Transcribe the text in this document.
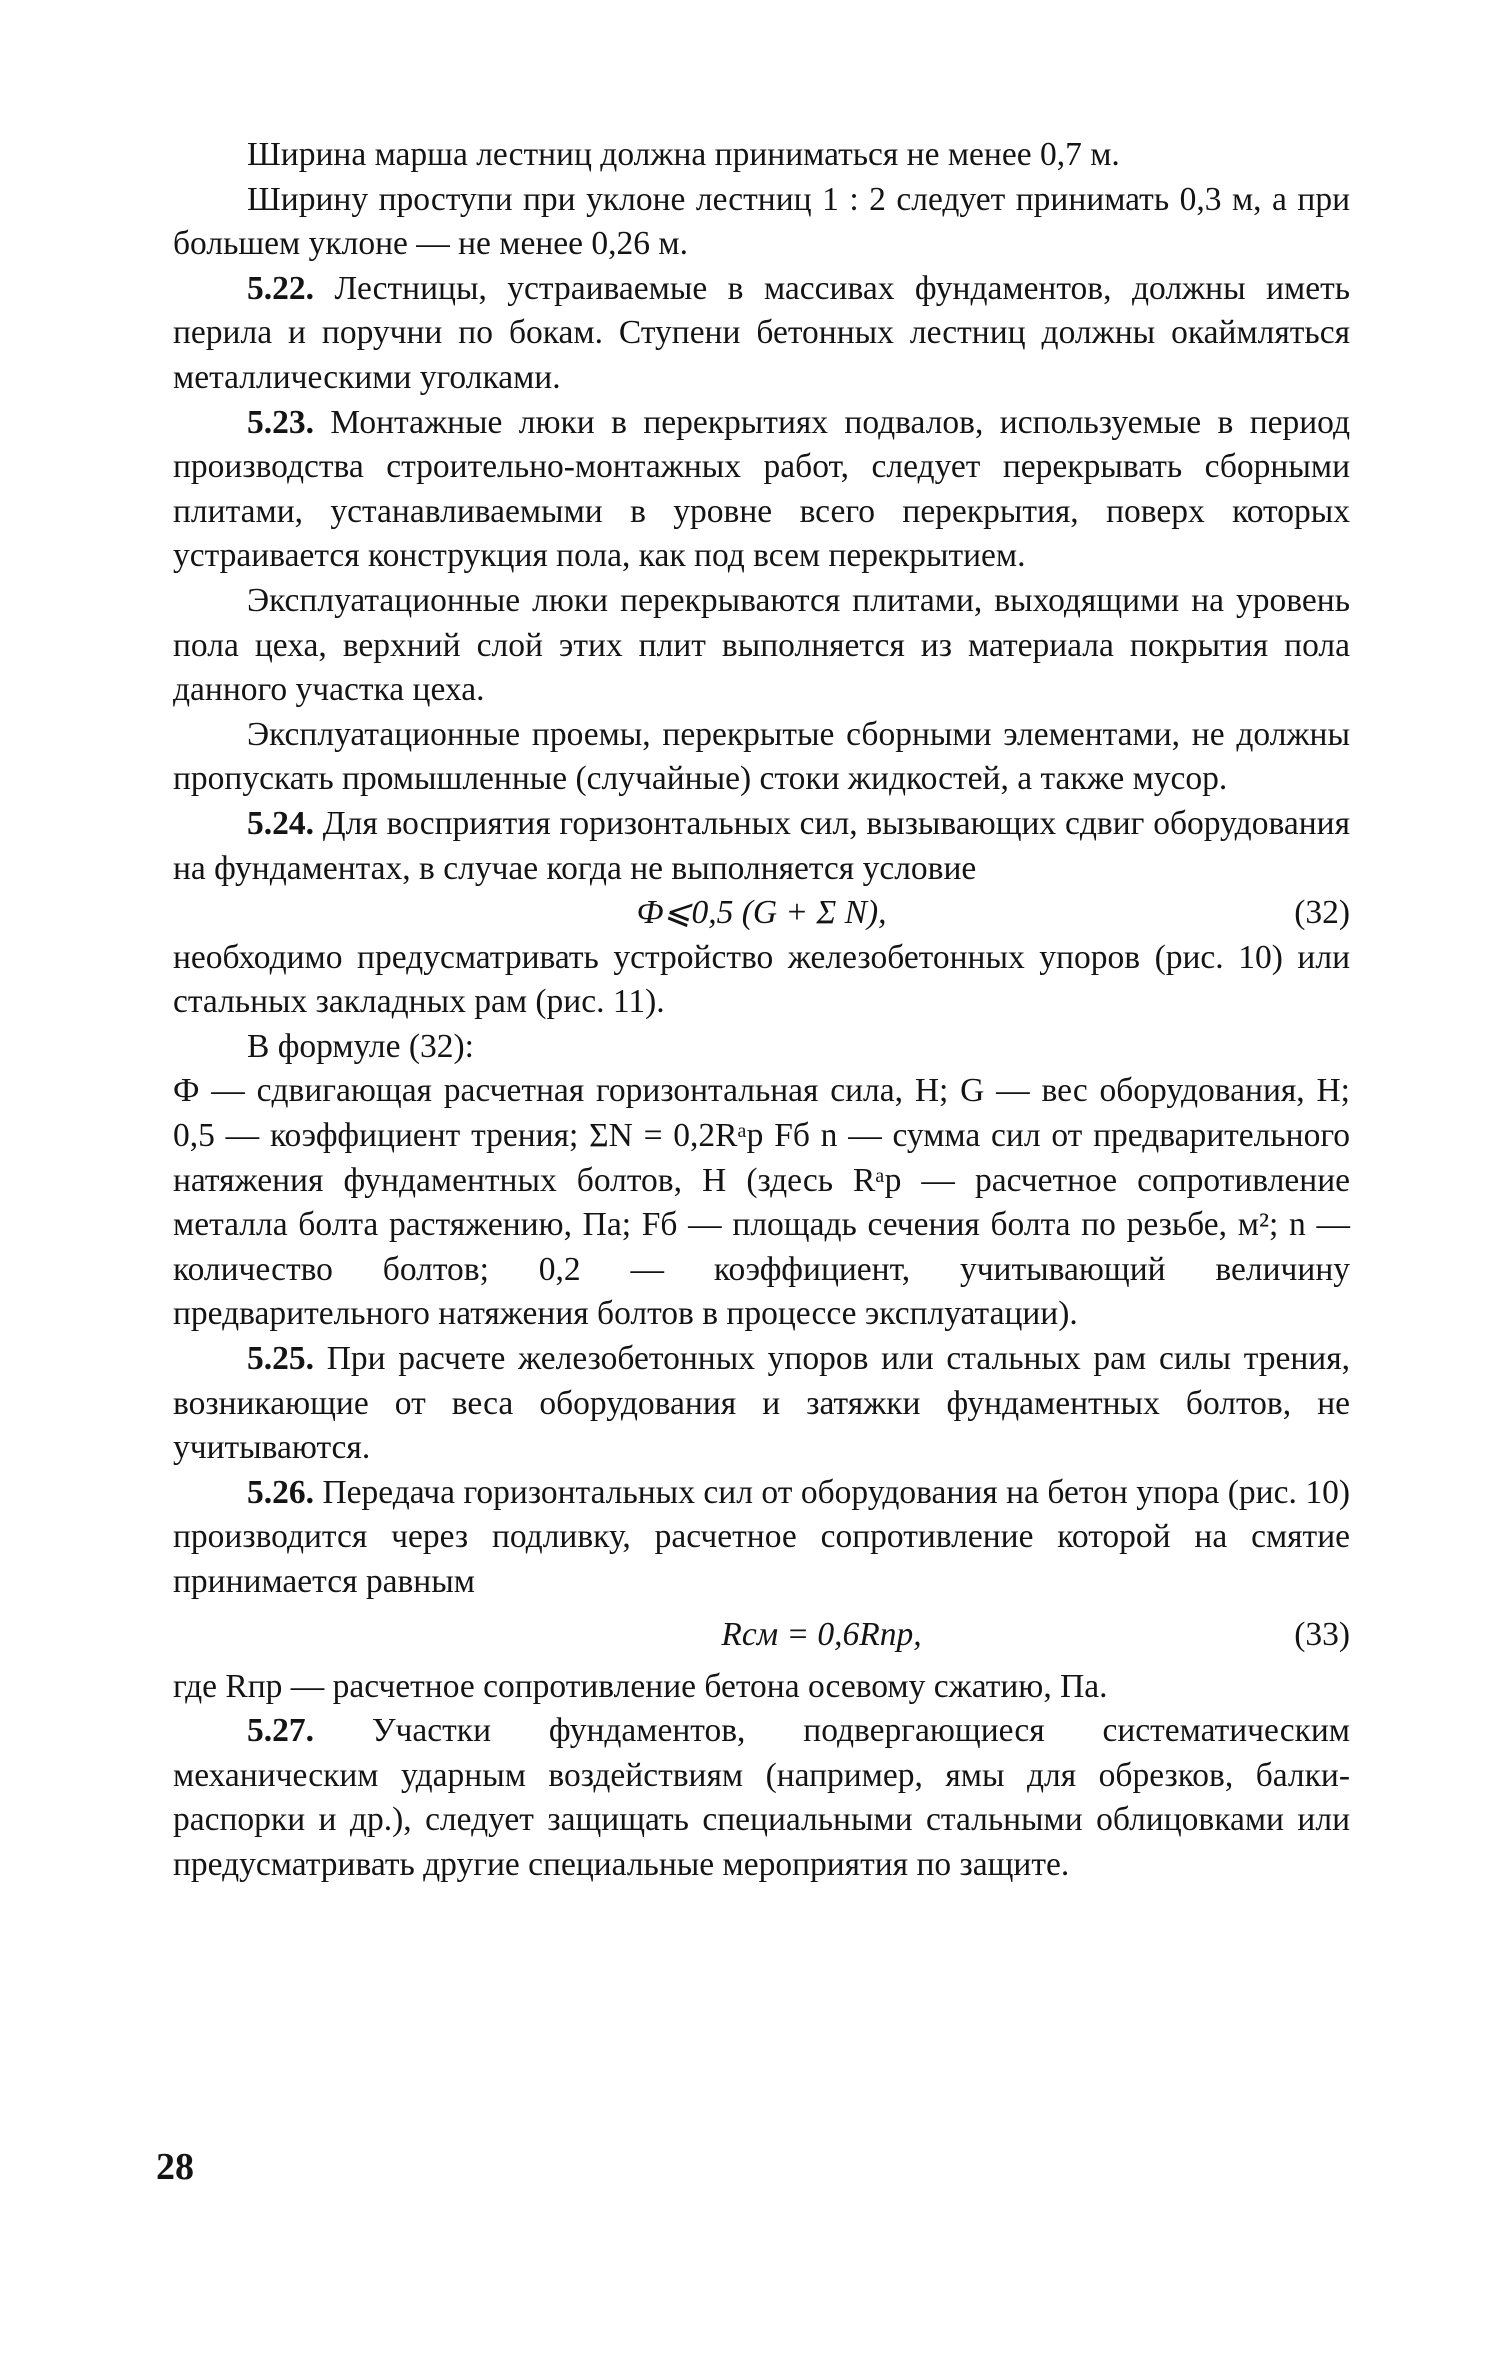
Ширина марша лестниц должна приниматься не менее 0,7 м.

Ширину проступи при уклоне лестниц 1 : 2 следует принимать 0,3 м, а при большем уклоне — не менее 0,26 м.

5.22. Лестницы, устраиваемые в массивах фундаментов, должны иметь перила и поручни по бокам. Ступени бетонных лестниц должны окаймляться металлическими уголками.

5.23. Монтажные люки в перекрытиях подвалов, используемые в период производства строительно-монтажных работ, следует перекрывать сборными плитами, устанавливаемыми в уровне всего перекрытия, поверх которых устраивается конструкция пола, как под всем перекрытием.

Эксплуатационные люки перекрываются плитами, выходящими на уровень пола цеха, верхний слой этих плит выполняется из материала покрытия пола данного участка цеха.

Эксплуатационные проемы, перекрытые сборными элементами, не должны пропускать промышленные (случайные) стоки жидкостей, а также мусор.

5.24. Для восприятия горизонтальных сил, вызывающих сдвиг оборудования на фундаментах, в случае когда не выполняется условие

Ф⩽0,5 (G + Σ N),	(32)

необходимо предусматривать устройство железобетонных упоров (рис. 10) или стальных закладных рам (рис. 11).

В формуле (32):

Ф — сдвигающая расчетная горизонтальная сила, Н; G — вес оборудования, Н; 0,5 — коэффициент трения; ΣN = 0,2Rᵃр Fб n — сумма сил от предварительного натяжения фундаментных болтов, Н (здесь Rᵃр — расчетное сопротивление металла болта растяжению, Па; Fб — площадь сечения болта по резьбе, м²; n — количество болтов; 0,2 — коэффициент, учитывающий величину предварительного натяжения болтов в процессе эксплуатации).

5.25. При расчете железобетонных упоров или стальных рам силы трения, возникающие от веса оборудования и затяжки фундаментных болтов, не учитываются.

5.26. Передача горизонтальных сил от оборудования на бетон упора (рис. 10) производится через подливку, расчетное сопротивление которой на смятие принимается равным

Rсм = 0,6Rпр,	(33)

где Rпр — расчетное сопротивление бетона осевому сжатию, Па.

5.27. Участки фундаментов, подвергающиеся систематическим механическим ударным воздействиям (например, ямы для обрезков, балки-распорки и др.), следует защищать специальными стальными облицовками или предусматривать другие специальные мероприятия по защите.

28
